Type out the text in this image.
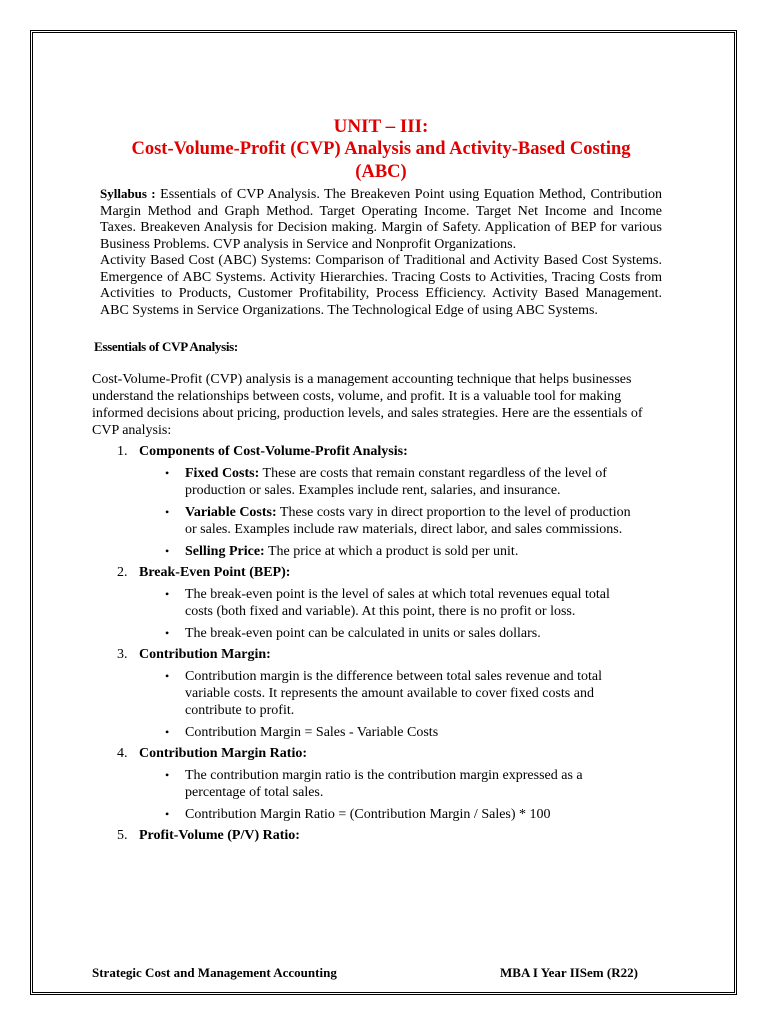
UNIT – III:
Cost-Volume-Profit (CVP) Analysis and Activity-Based Costing
(ABC)

Syllabus : Essentials of CVP Analysis. The Breakeven Point using Equation Method, Contribution Margin Method and Graph Method. Target Operating Income. Target Net Income and Income Taxes. Breakeven Analysis for Decision making. Margin of Safety. Application of BEP for various Business Problems. CVP analysis in Service and Nonprofit Organizations.

Activity Based Cost (ABC) Systems: Comparison of Traditional and Activity Based Cost Systems. Emergence of ABC Systems. Activity Hierarchies. Tracing Costs to Activities, Tracing Costs from Activities to Products, Customer Profitability, Process Efficiency. Activity Based Management. ABC Systems in Service Organizations. The Technological Edge of using ABC Systems.

Essentials of CVP Analysis:

Cost-Volume-Profit (CVP) analysis is a management accounting technique that helps businesses understand the relationships between costs, volume, and profit. It is a valuable tool for making informed decisions about pricing, production levels, and sales strategies. Here are the essentials of CVP analysis:

1. Components of Cost-Volume-Profit Analysis:
• Fixed Costs: These are costs that remain constant regardless of the level of production or sales. Examples include rent, salaries, and insurance.
• Variable Costs: These costs vary in direct proportion to the level of production or sales. Examples include raw materials, direct labor, and sales commissions.
• Selling Price: The price at which a product is sold per unit.
2. Break-Even Point (BEP):
• The break-even point is the level of sales at which total revenues equal total costs (both fixed and variable). At this point, there is no profit or loss.
• The break-even point can be calculated in units or sales dollars.
3. Contribution Margin:
• Contribution margin is the difference between total sales revenue and total variable costs. It represents the amount available to cover fixed costs and contribute to profit.
• Contribution Margin = Sales - Variable Costs
4. Contribution Margin Ratio:
• The contribution margin ratio is the contribution margin expressed as a percentage of total sales.
• Contribution Margin Ratio = (Contribution Margin / Sales) * 100
5. Profit-Volume (P/V) Ratio:
Strategic Cost and Management Accounting	MBA I Year IISem (R22)
